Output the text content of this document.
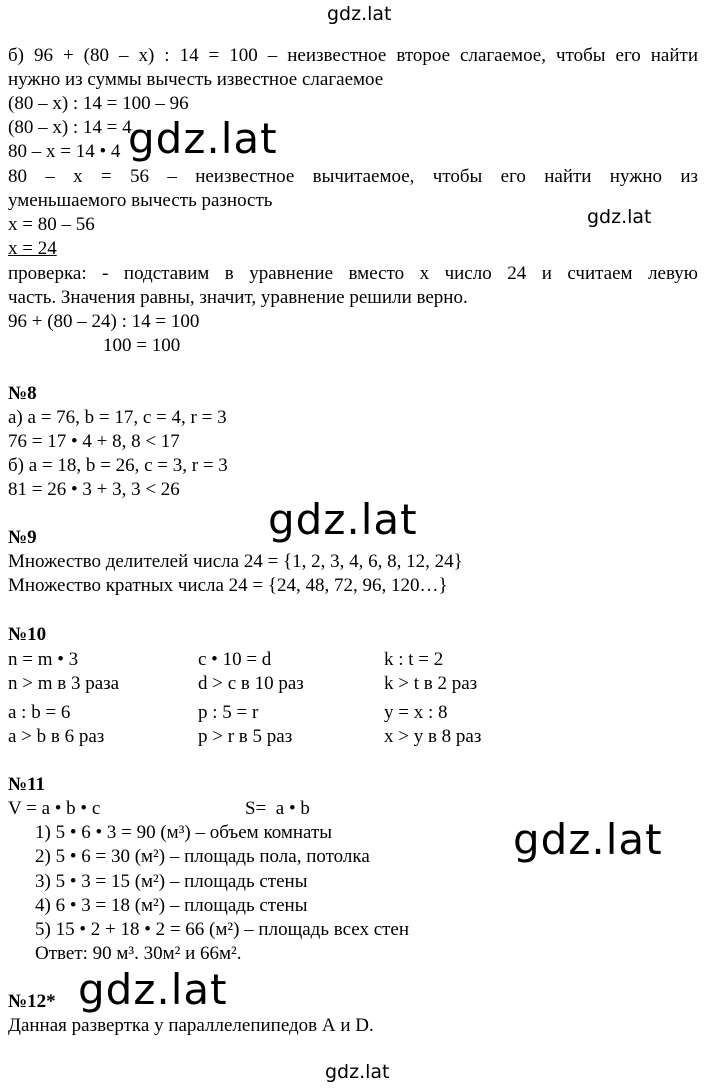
gdz.lat
gdz.lat
gdz.lat
gdz.lat
gdz.lat
gdz.lat
gdz.lat
б) 96 + (80 – x) : 14 = 100 – неизвестное второе слагаемое, чтобы его найти
нужно из суммы вычесть известное слагаемое
(80 – x) : 14 = 100 – 96
(80 – x) : 14 = 4
80 – x = 14 • 4
80 – x = 56 – неизвестное вычитаемое, чтобы его найти нужно из
уменьшаемого вычесть разность
x = 80 – 56
x = 24
проверка: - подставим в уравнение вместо x число 24 и считаем левую
часть. Значения равны, значит, уравнение решили верно.
96 + (80 – 24) : 14 = 100
100 = 100
№8
а) a = 76, b = 17, c = 4, r = 3
76 = 17 • 4 + 8, 8 < 17
б) a = 18, b = 26, c = 3, r = 3
81 = 26 • 3 + 3, 3 < 26
№9
Множество делителей числа 24 = {1, 2, 3, 4, 6, 8, 12, 24}
Множество кратных числа 24 = {24, 48, 72, 96, 120…}
№10
n = m • 3	c • 10 = d	k : t = 2
n > m в 3 раза	d > c в 10 раз	k > t в 2 раз
a : b = 6	p : 5 = r	y = x : 8
a > b в 6 раз	p > r в 5 раз	x > y в 8 раз
№11
V = a • b • c	S=  a • b
1) 5 • 6 • 3 = 90 (м³) – объем комнаты
2) 5 • 6 = 30 (м²) – площадь пола, потолка
3) 5 • 3 = 15 (м²) – площадь стены
4) 6 • 3 = 18 (м²) – площадь стены
5) 15 • 2 + 18 • 2 = 66 (м²) – площадь всех стен
Ответ: 90 м³. 30м² и 66м².
№12*
Данная развертка у параллелепипедов А и D.
